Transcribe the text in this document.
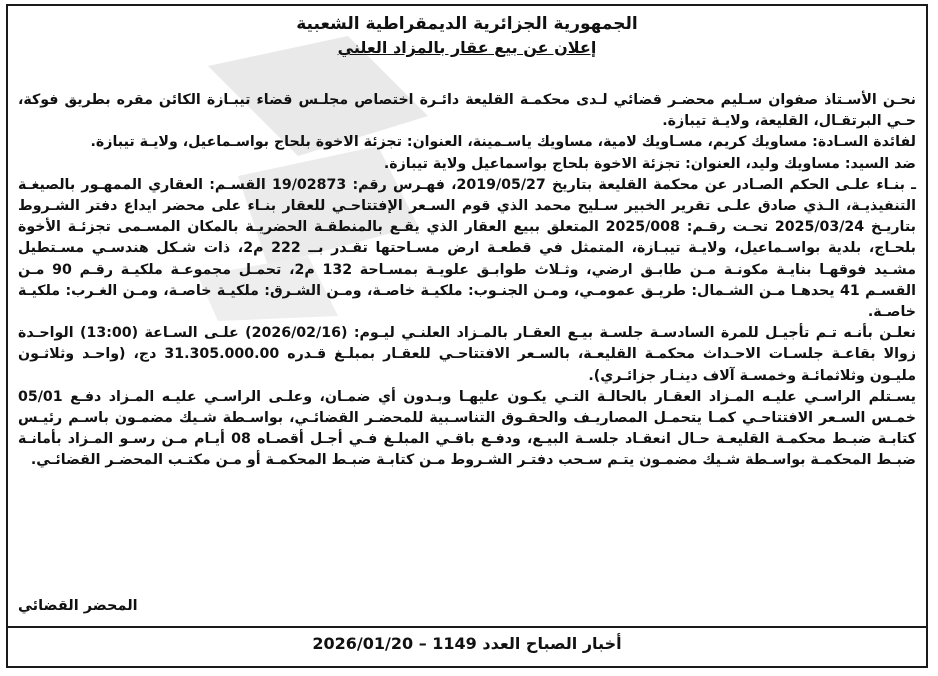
الجمهورية الجزائرية الديمقراطية الشعبية
إعلان عن بيع عقار بالمزاد العلني

نحـن الأسـتاذ صفوان سـليم محضـر قضائي لـدى محكمـة القليعة دائـرة اختصاص مجلـس قضاء تيبـازة الكائن مقره بطريق فوكة، حـي البرتقـال، القليعة، ولايـة تيبازة.

لفائدة السـادة: مساويك كريم، مسـاويك لامية، مساويك ياسـمينة، العنوان: تجزئة الاخوة بلحاج بواسـماعيل، ولايـة تيبازة.

ضد السيد: مساويك وليد، العنوان: تجزئة الاخوة بلحاج بواسماعيل ولاية تيبازة.

ـ بنـاء علـى الحكم الصـادر عن محكمة القليعة بتاريخ 2019/05/27، فهـرس رقم: 19/02873 القسـم: العقاري الممهـور بالصيغـة التنفيذيـة، الـذي صادق علـى تقرير الخبير سـليح محمد الذي قوم السـعر الإفتتاحـي للعقار بنـاء على محضر ايداع دفتر الشـروط بتاريـخ 2025/03/24 تحـت رقـم: 2025/008 المتعلق ببيع العقار الذي يقـع بالمنطقـة الحضريـة بالمكان المسـمى تجزئـة الأخوة بلحـاج، بلدية بواسـماعيل، ولايـة تيبـازة، المتمثل في قطعـة ارض مسـاحتها تقـدر بــ 222 م2، ذات شـكل هندسـي مسـتطيل مشـيد فوقهـا بنايـة مكونـة مـن طابـق ارضي، وثـلاث طوابـق علويـة بمسـاحة 132 م2، تحمـل مجموعـة ملكيـة رقـم 90 مـن القسـم 41 يحدهـا مـن الشـمال: طريـق عمومـي، ومـن الجنـوب: ملكيـة خاصـة، ومـن الشـرق: ملكيـة خاصـة، ومـن الغـرب: ملكيـة خاصـة.

نعلـن بأنـه تـم تأجيـل للمرة السادسـة جلسـة بيـع العقـار بالمـزاد العلنـي ليـوم: (2026/02/16) علـى السـاعة (13:00) الواحـدة زوالا بقاعـة جلسـات الاحـداث محكمـة القليعـة، بالسـعر الافتتاحـي للعقـار بمبلـغ قـدره 31.305.000.00 دج، (واحـد وثلاثـون مليـون وثلاثمائـة وخمسـة آلاف دينـار جزائـري).

يسـتلم الراسـي عليـه المـزاد العقـار بالحالـة التـي يكـون عليهـا وبـدون أي ضمـان، وعلـى الراسـي عليـه المـزاد دفـع 05/01 خمـس السـعر الافتتاحـي كمـا يتحمـل المصاريـف والحقـوق التناسـبية للمحضـر القضائـي، بواسـطة شـيك مضمـون باسـم رئيـس كتابـة ضبـط محكمـة القليعـة حـال انعقـاد جلسـة البيـع، ودفـع باقـي المبلـغ فـي أجـل أقصـاه 08 أيـام مـن رسـو المـزاد بأمانـة ضبـط المحكمـة بواسـطة شـيك مضمـون يتـم سـحب دفتـر الشـروط مـن كتابـة ضبـط المحكمـة أو مـن مكتـب المحضـر القضائـي.

المحضر القضائي
أخبار الصباح العدد 1149 – 2026/01/20
